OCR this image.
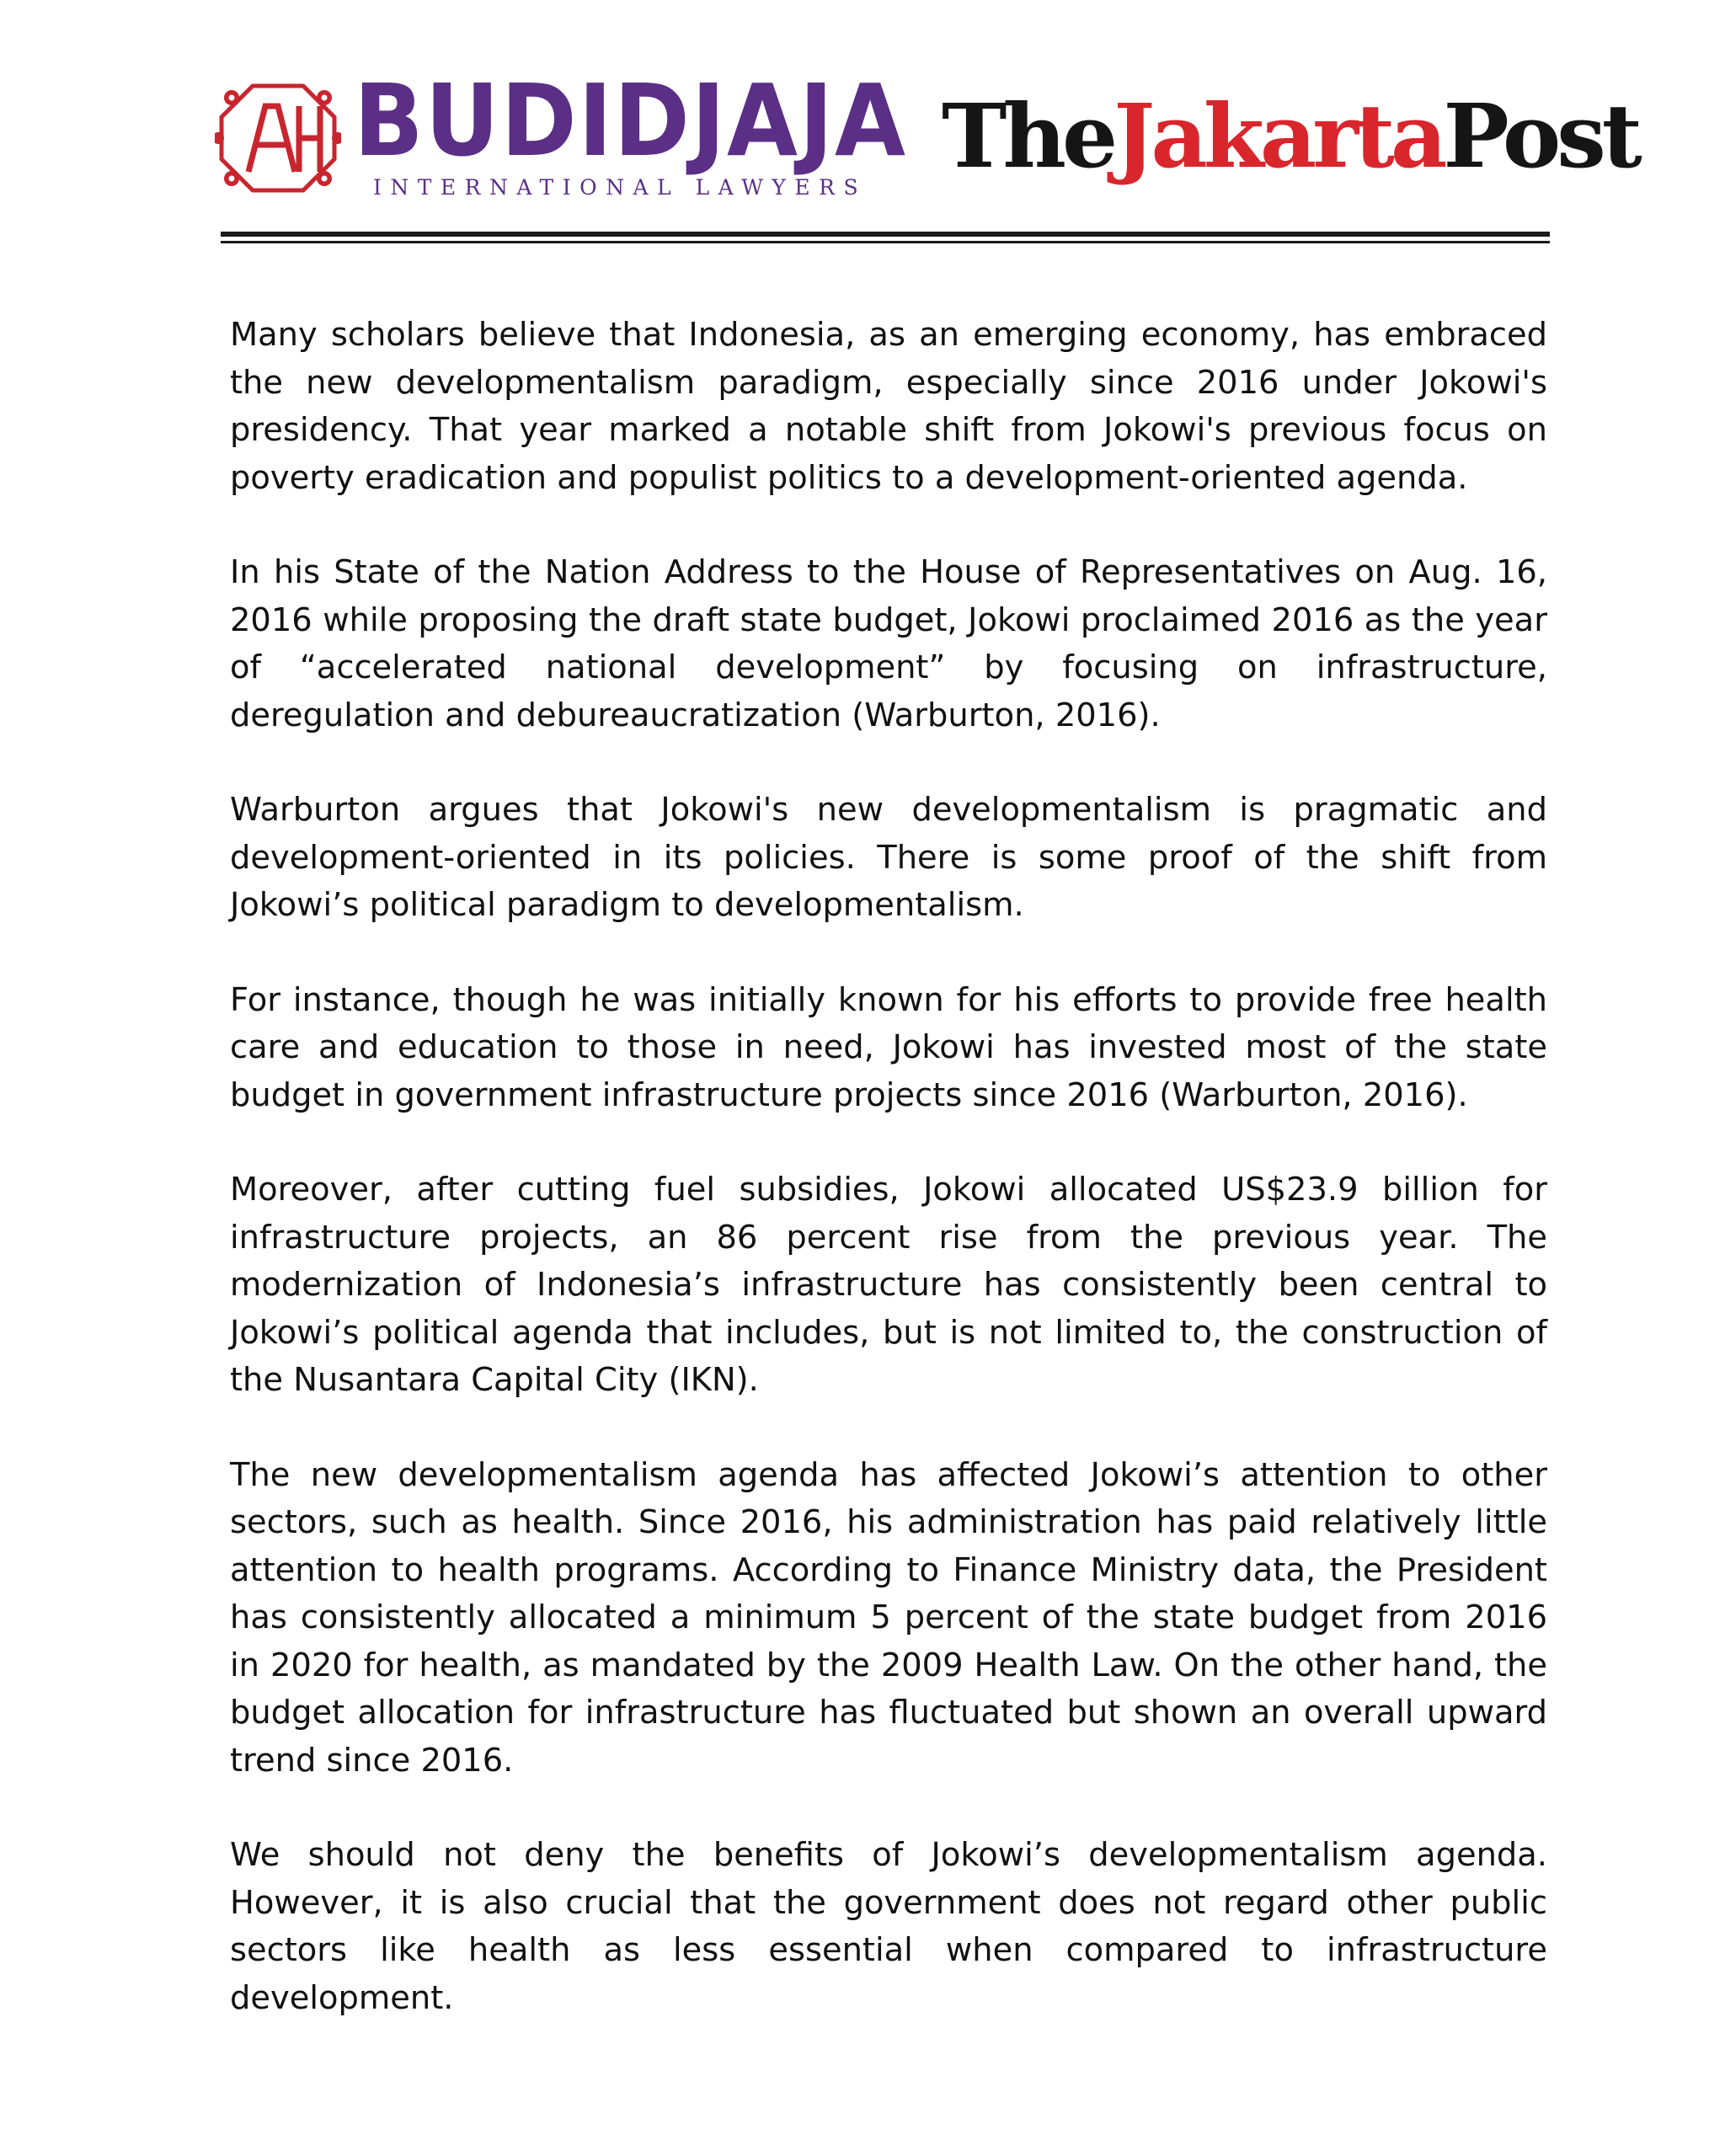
BUDIDJAJA
INTERNATIONAL LAWYERS TheJakartaPost

Many scholars believe that Indonesia, as an emerging economy, has embraced the new developmentalism paradigm, especially since 2016 under Jokowi's presidency. That year marked a notable shift from Jokowi's previous focus on poverty eradication and populist politics to a development-oriented agenda.

In his State of the Nation Address to the House of Representatives on Aug. 16, 2016 while proposing the draft state budget, Jokowi proclaimed 2016 as the year of “accelerated national development” by focusing on infrastructure, deregulation and debureaucratization (Warburton, 2016).

Warburton argues that Jokowi's new developmentalism is pragmatic and development-oriented in its policies. There is some proof of the shift from Jokowi’s political paradigm to developmentalism.

For instance, though he was initially known for his efforts to provide free health care and education to those in need, Jokowi has invested most of the state budget in government infrastructure projects since 2016 (Warburton, 2016).

Moreover, after cutting fuel subsidies, Jokowi allocated US$23.9 billion for infrastructure projects, an 86 percent rise from the previous year. The modernization of Indonesia’s infrastructure has consistently been central to Jokowi’s political agenda that includes, but is not limited to, the construction of the Nusantara Capital City (IKN).

The new developmentalism agenda has affected Jokowi’s attention to other sectors, such as health. Since 2016, his administration has paid relatively little attention to health programs. According to Finance Ministry data, the President has consistently allocated a minimum 5 percent of the state budget from 2016 in 2020 for health, as mandated by the 2009 Health Law. On the other hand, the budget allocation for infrastructure has fluctuated but shown an overall upward trend since 2016.

We should not deny the benefits of Jokowi’s developmentalism agenda. However, it is also crucial that the government does not regard other public sectors like health as less essential when compared to infrastructure development.
